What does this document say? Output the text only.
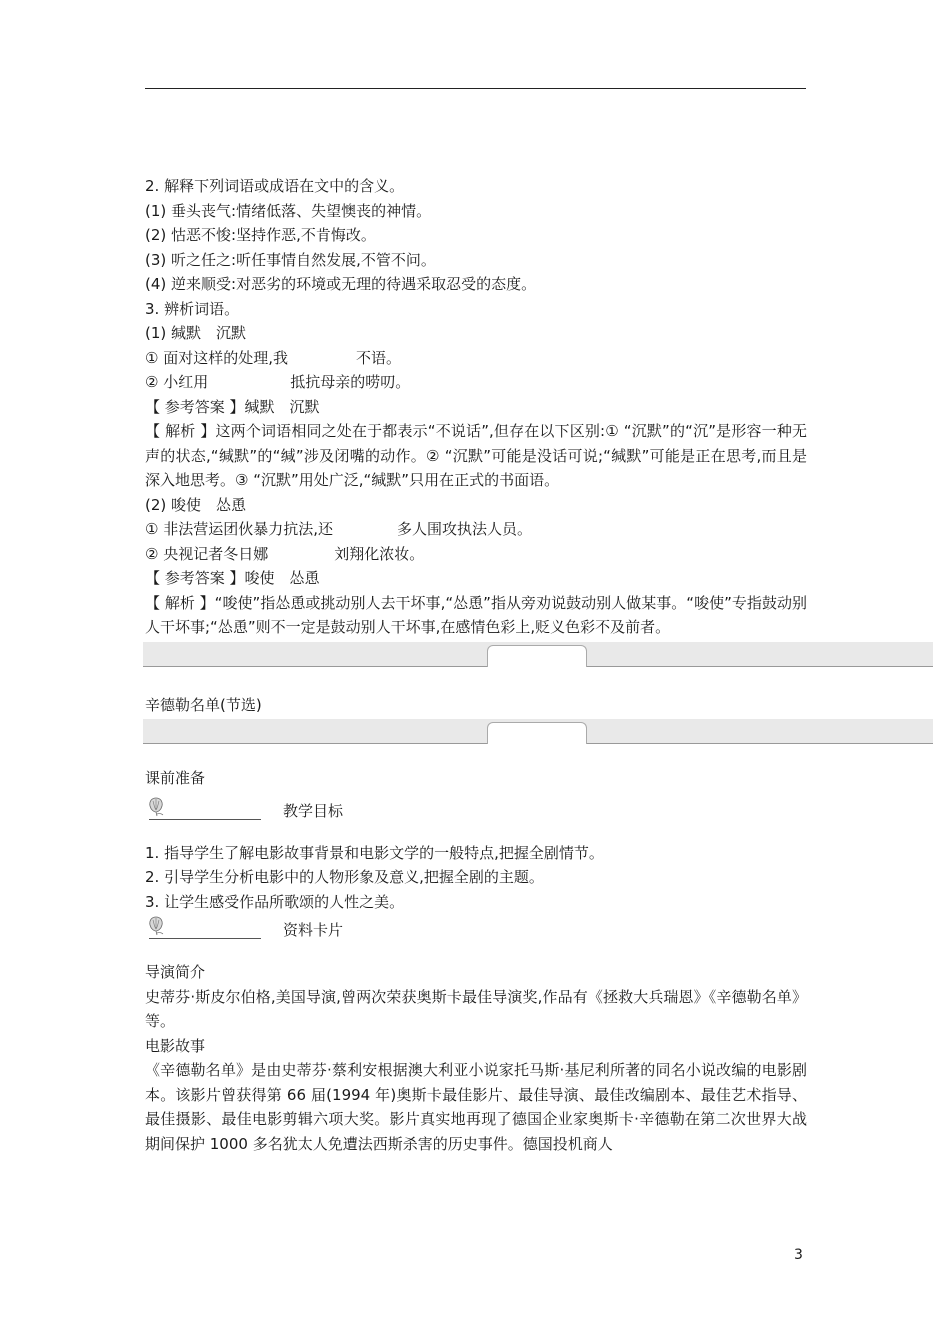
2. 解释下列词语或成语在文中的含义。
(1) 垂头丧气:情绪低落、失望懊丧的神情。
(2) 怙恶不悛:坚持作恶,不肯悔改。
(3) 听之任之:听任事情自然发展,不管不问。
(4) 逆来顺受:对恶劣的环境或无理的待遇采取忍受的态度。
3. 辨析词语。
(1) 缄默　沉默
① 面对这样的处理,我	不语。
② 小红用	抵抗母亲的唠叨。
【 参考答案 】缄默　沉默
【 解析 】这两个词语相同之处在于都表示“不说话”,但存在以下区别:① “沉默”的“沉”是形容一种无声的状态,“缄默”的“缄”涉及闭嘴的动作。② “沉默”可能是没话可说;“缄默”可能是正在思考,而且是深入地思考。③ “沉默”用处广泛,“缄默”只用在正式的书面语。
(2) 唆使　怂恿
① 非法营运团伙暴力抗法,还	多人围攻执法人员。
② 央视记者冬日娜	刘翔化浓妆。
【 参考答案 】唆使　怂恿
【 解析 】“唆使”指怂恿或挑动别人去干坏事,“怂恿”指从旁劝说鼓动别人做某事。“唆使”专指鼓动别人干坏事;“怂恿”则不一定是鼓动别人干坏事,在感情色彩上,贬义色彩不及前者。
辛德勒名单(节选)
课前准备
教学目标
1. 指导学生了解电影故事背景和电影文学的一般特点,把握全剧情节。
2. 引导学生分析电影中的人物形象及意义,把握全剧的主题。
3. 让学生感受作品所歌颂的人性之美。
资料卡片
导演简介
史蒂芬·斯皮尔伯格,美国导演,曾两次荣获奥斯卡最佳导演奖,作品有《拯救大兵瑞恩》《辛德勒名单》等。
电影故事
《辛德勒名单》是由史蒂芬·蔡利安根据澳大利亚小说家托马斯·基尼利所著的同名小说改编的电影剧本。该影片曾获得第 66 届(1994 年)奥斯卡最佳影片、最佳导演、最佳改编剧本、最佳艺术指导、最佳摄影、最佳电影剪辑六项大奖。影片真实地再现了德国企业家奥斯卡·辛德勒在第二次世界大战期间保护 1000 多名犹太人免遭法西斯杀害的历史事件。德国投机商人
3
